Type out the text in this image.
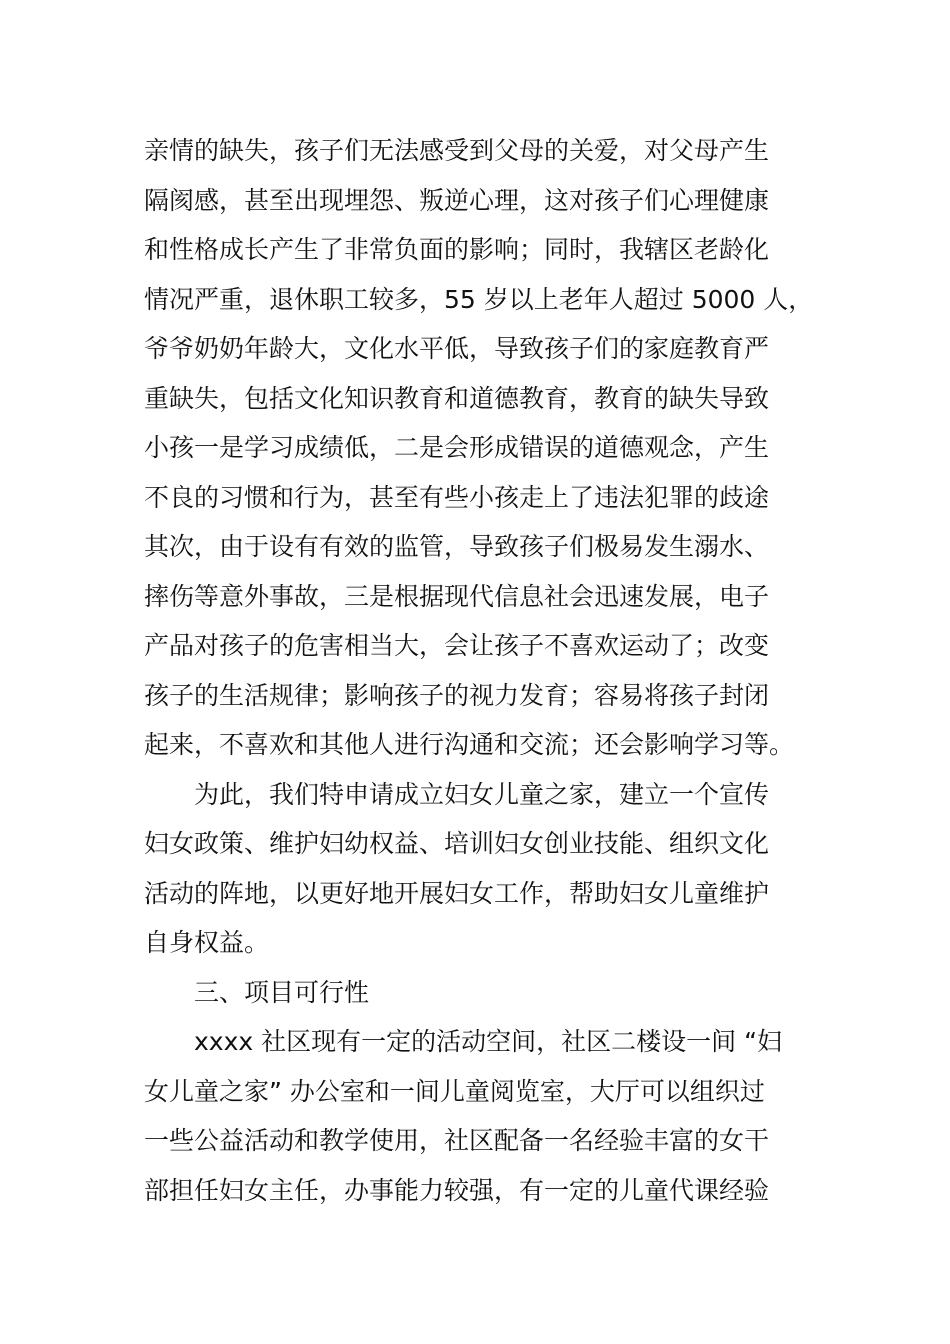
亲情的缺失，孩子们无法感受到父母的关爱，对父母产生
隔阂感，甚至出现埋怨、叛逆心理，这对孩子们心理健康
和性格成长产生了非常负面的影响；同时，我辖区老龄化
情况严重，退休职工较多，55 岁以上老年人超过 5000 人，
爷爷奶奶年龄大，文化水平低，导致孩子们的家庭教育严
重缺失，包括文化知识教育和道德教育，教育的缺失导致
小孩一是学习成绩低，二是会形成错误的道德观念，产生
不良的习惯和行为，甚至有些小孩走上了违法犯罪的歧途
其次，由于设有有效的监管，导致孩子们极易发生溺水、
摔伤等意外事故，三是根据现代信息社会迅速发展，电子
产品对孩子的危害相当大，会让孩子不喜欢运动了；改变
孩子的生活规律；影响孩子的视力发育；容易将孩子封闭
起来，不喜欢和其他人进行沟通和交流；还会影响学习等。
为此，我们特申请成立妇女儿童之家，建立一个宣传
妇女政策、维护妇幼权益、培训妇女创业技能、组织文化
活动的阵地，以更好地开展妇女工作，帮助妇女儿童维护
自身权益。
三、项目可行性
xxxx 社区现有一定的活动空间，社区二楼设一间 “妇
女儿童之家” 办公室和一间儿童阅览室，大厅可以组织过
一些公益活动和教学使用，社区配备一名经验丰富的女干
部担任妇女主任，办事能力较强，有一定的儿童代课经验
